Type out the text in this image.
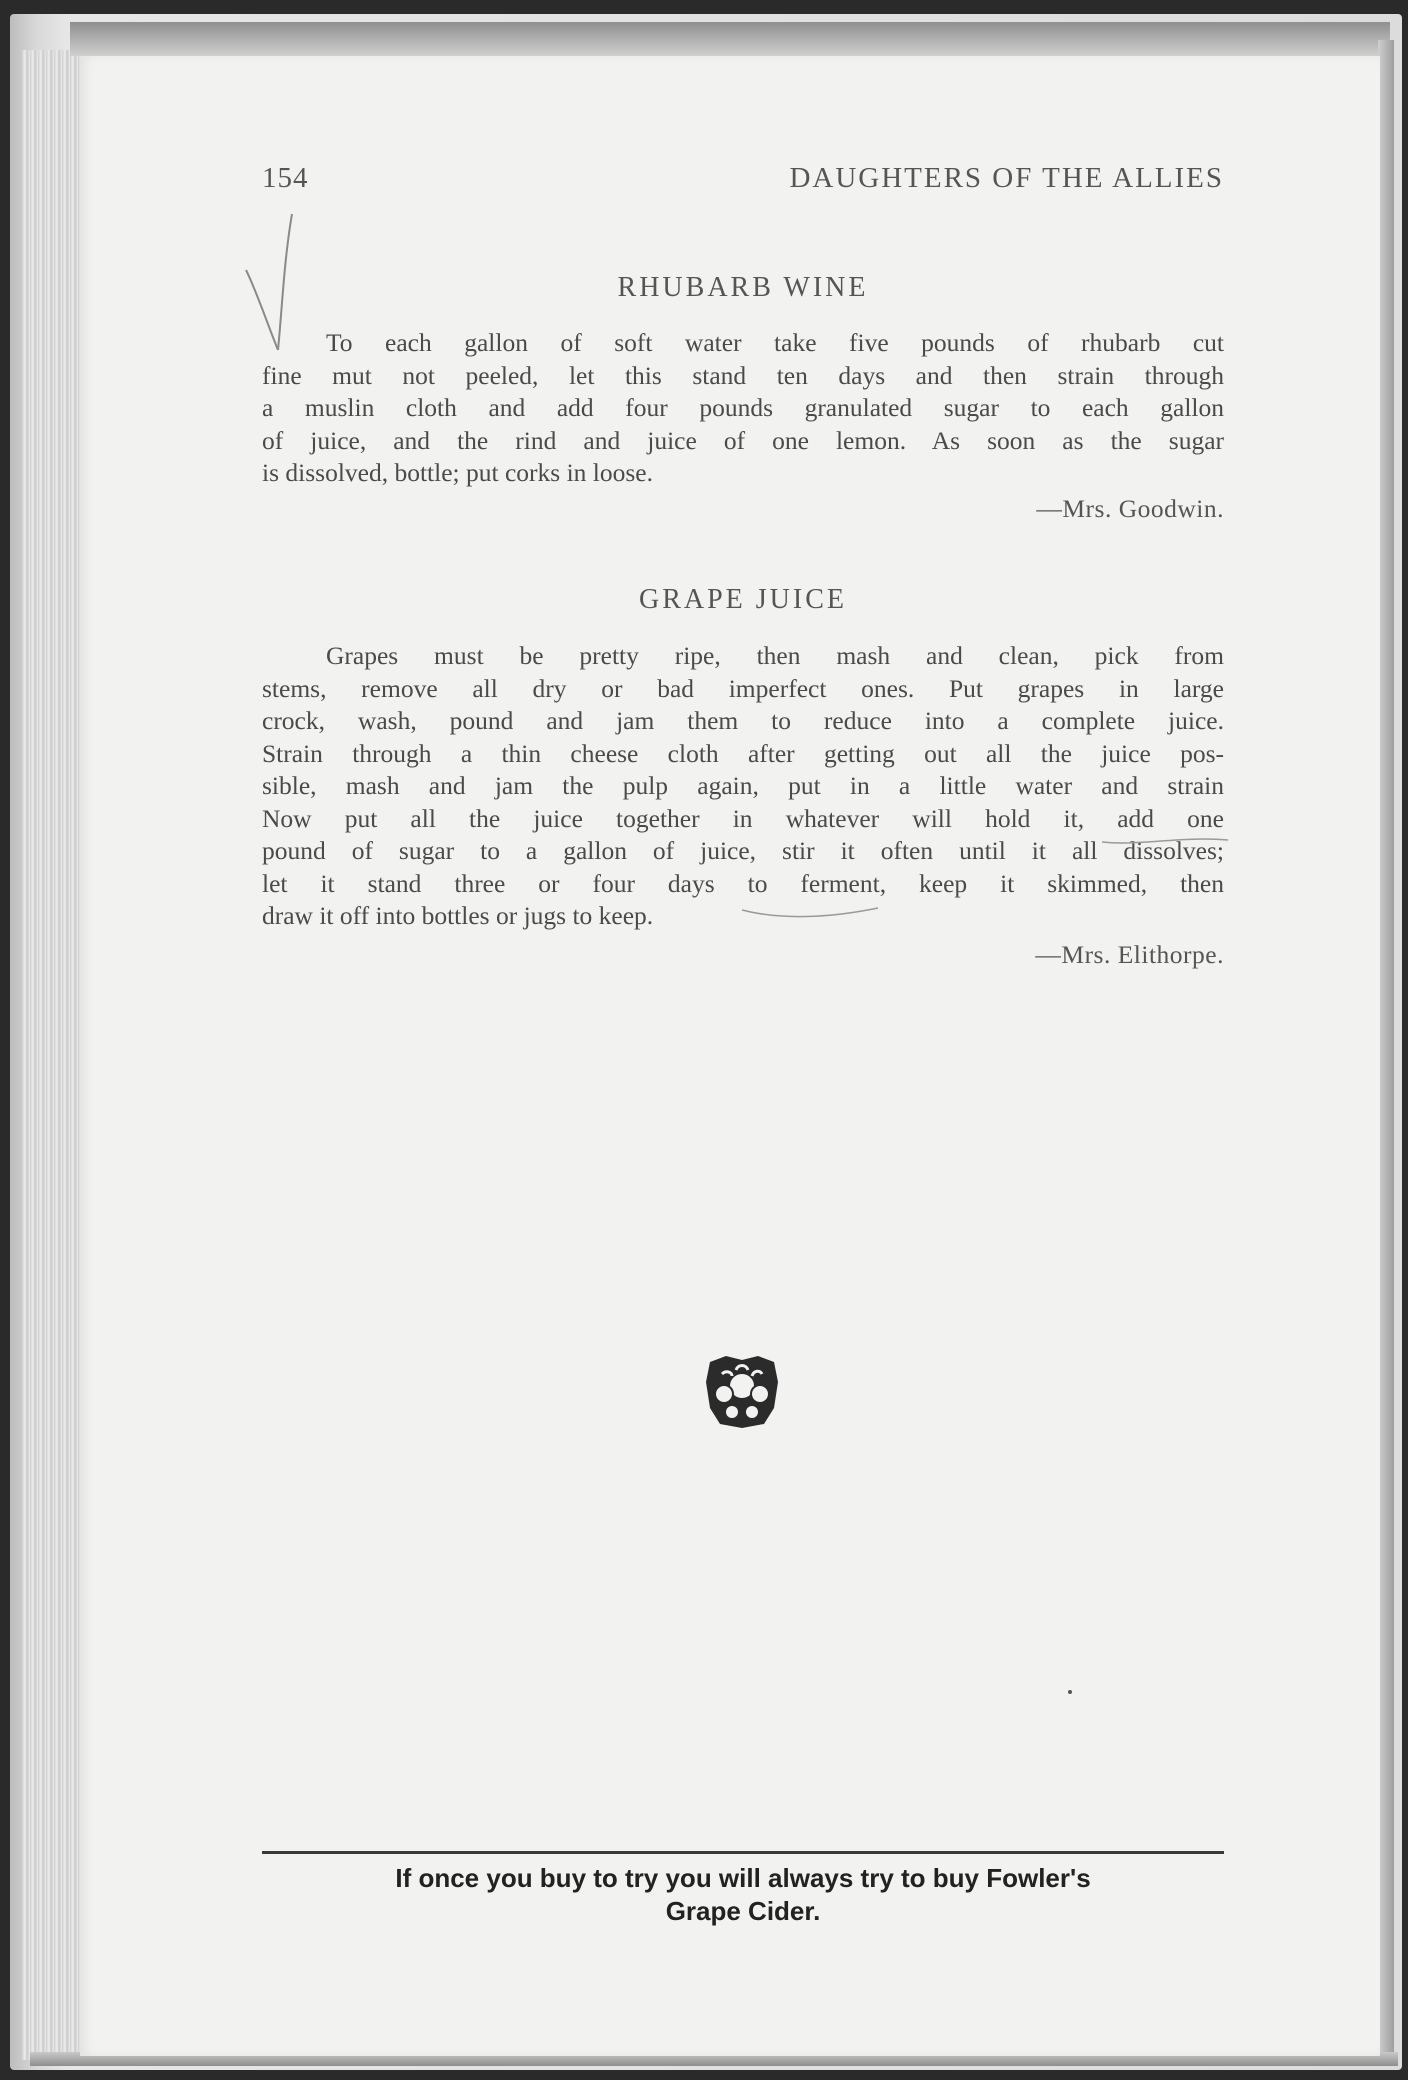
154	DAUGHTERS OF THE ALLIES
RHUBARB WINE
To each gallon of soft water take five pounds of rhubarb cut
fine mut not peeled, let this stand ten days and then strain through
a muslin cloth and add four pounds granulated sugar to each gallon
of juice, and the rind and juice of one lemon. As soon as the sugar
is dissolved, bottle; put corks in loose.
—Mrs. Goodwin.
GRAPE JUICE
Grapes must be pretty ripe, then mash and clean, pick from
stems, remove all dry or bad imperfect ones. Put grapes in large
crock, wash, pound and jam them to reduce into a complete juice.
Strain through a thin cheese cloth after getting out all the juice pos-
sible, mash and jam the pulp again, put in a little water and strain
Now put all the juice together in whatever will hold it, add one
pound of sugar to a gallon of juice, stir it often until it all dissolves;
let it stand three or four days to ferment, keep it skimmed, then
draw it off into bottles or jugs to keep.
—Mrs. Elithorpe.
If once you buy to try you will always try to buy Fowler's
Grape Cider.
